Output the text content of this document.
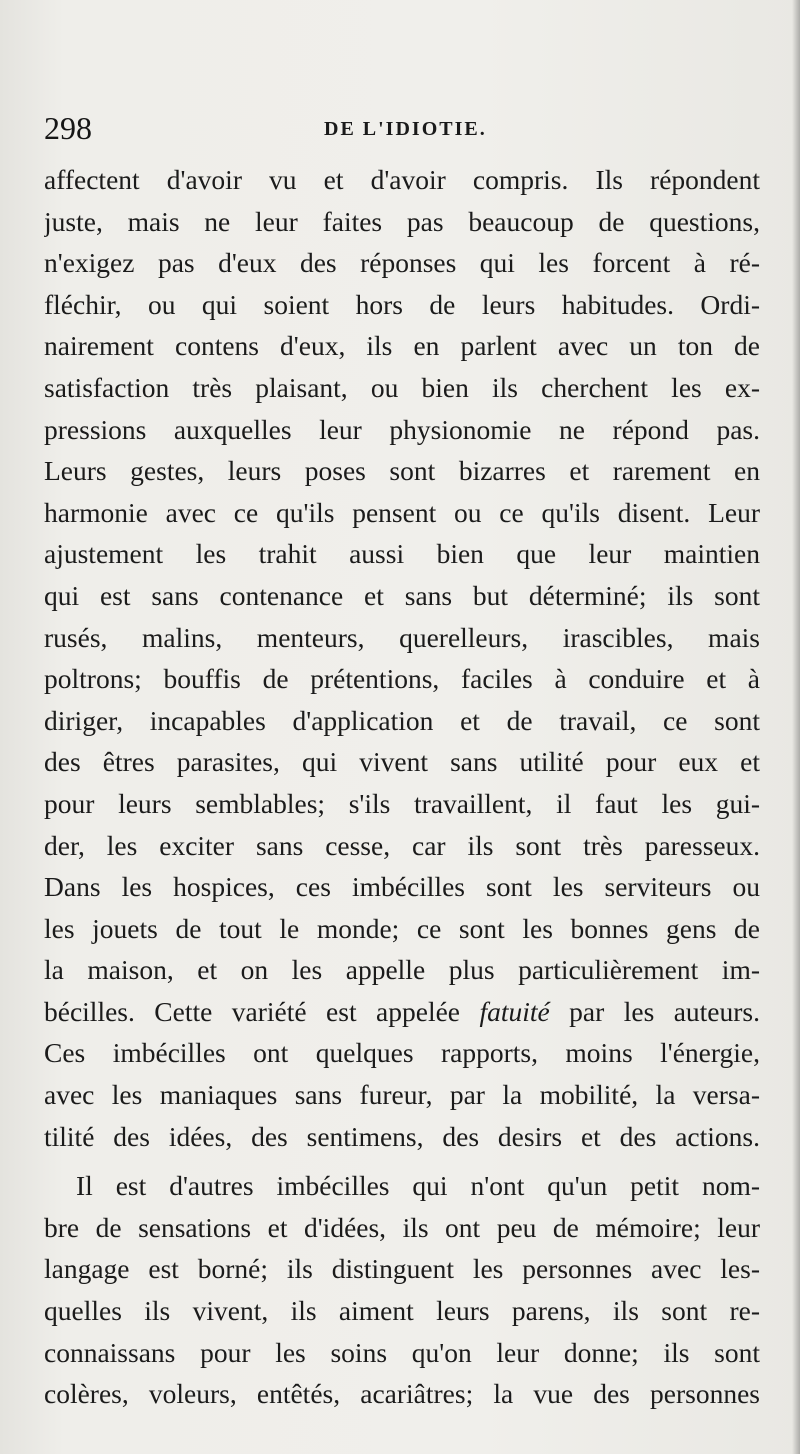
298	DE L'IDIOTIE.
affectent d'avoir vu et d'avoir compris. Ils répondent
juste, mais ne leur faites pas beaucoup de questions,
n'exigez pas d'eux des réponses qui les forcent à ré-
fléchir, ou qui soient hors de leurs habitudes. Ordi-
nairement contens d'eux, ils en parlent avec un ton de
satisfaction très plaisant, ou bien ils cherchent les ex-
pressions auxquelles leur physionomie ne répond pas.
Leurs gestes, leurs poses sont bizarres et rarement en
harmonie avec ce qu'ils pensent ou ce qu'ils disent. Leur
ajustement les trahit aussi bien que leur maintien
qui est sans contenance et sans but déterminé; ils sont
rusés, malins, menteurs, querelleurs, irascibles, mais
poltrons; bouffis de prétentions, faciles à conduire et à
diriger, incapables d'application et de travail, ce sont
des êtres parasites, qui vivent sans utilité pour eux et
pour leurs semblables; s'ils travaillent, il faut les gui-
der, les exciter sans cesse, car ils sont très paresseux.
Dans les hospices, ces imbécilles sont les serviteurs ou
les jouets de tout le monde; ce sont les bonnes gens de
la maison, et on les appelle plus particulièrement im-
bécilles. Cette variété est appelée fatuité par les auteurs.
Ces imbécilles ont quelques rapports, moins l'énergie,
avec les maniaques sans fureur, par la mobilité, la versa-
tilité des idées, des sentimens, des desirs et des actions.
Il est d'autres imbécilles qui n'ont qu'un petit nom-
bre de sensations et d'idées, ils ont peu de mémoire; leur
langage est borné; ils distinguent les personnes avec les-
quelles ils vivent, ils aiment leurs parens, ils sont re-
connaissans pour les soins qu'on leur donne; ils sont
colères, voleurs, entêtés, acariâtres; la vue des personnes
